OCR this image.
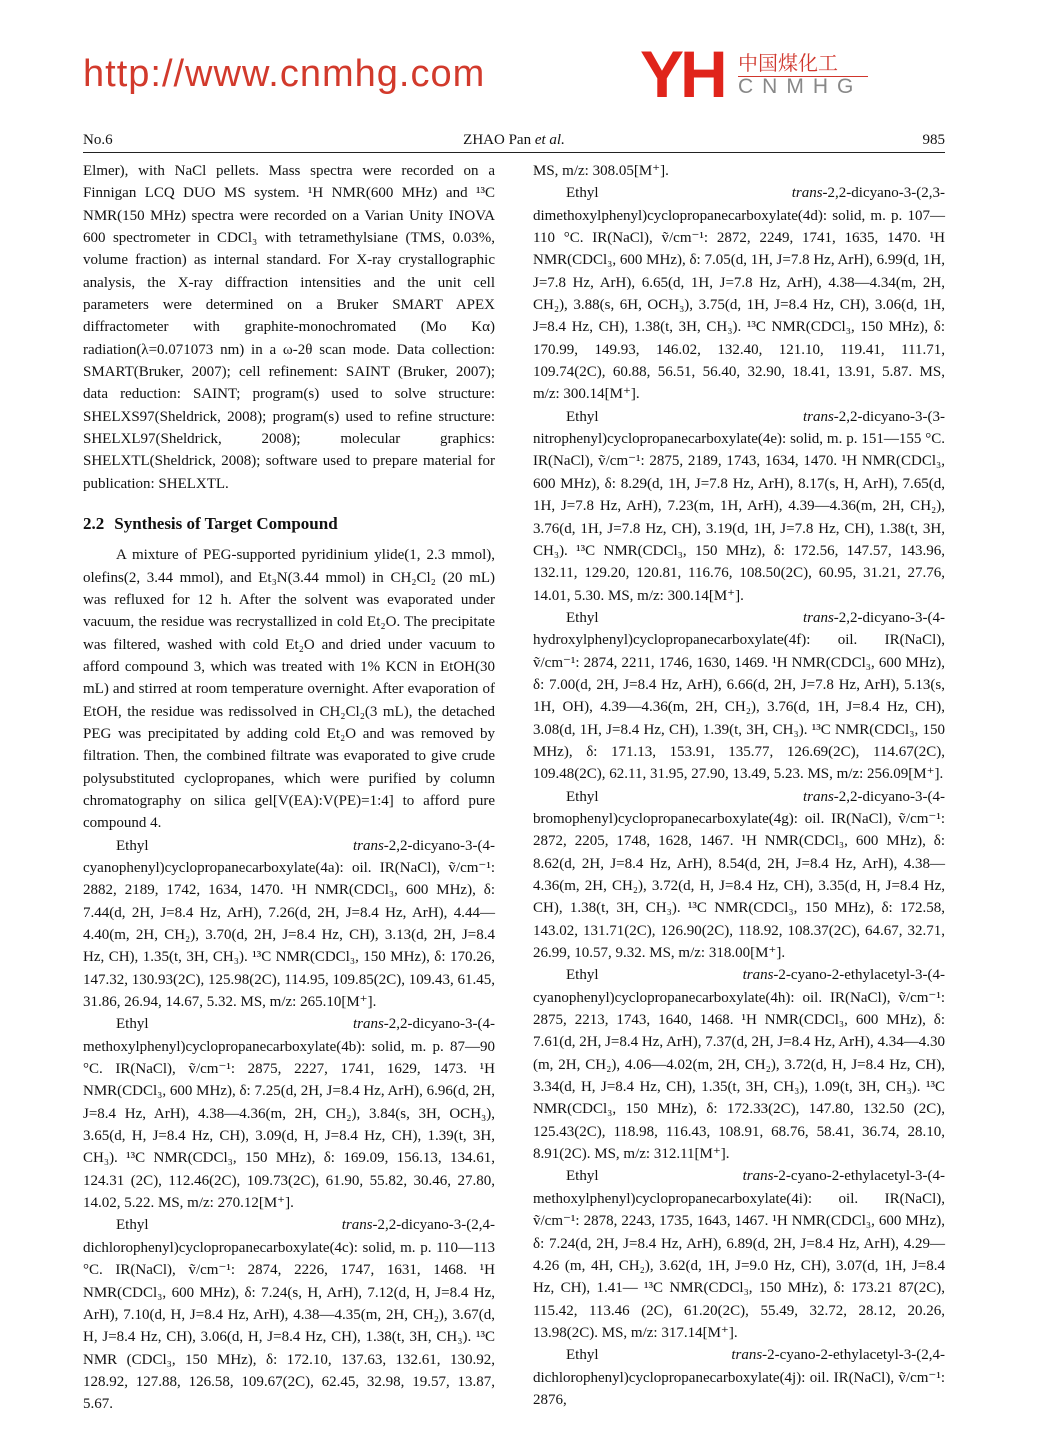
http://www.cnmhg.com YH 中国煤化工
CNMHG
No.6	ZHAO Pan et al.	985

Elmer), with NaCl pellets. Mass spectra were recorded on a Finnigan LCQ DUO MS system. ¹H NMR(600 MHz) and ¹³C NMR(150 MHz) spectra were recorded on a Varian Unity INOVA 600 spectrometer in CDCl₃ with tetramethylsiane (TMS, 0.03%, volume fraction) as internal standard. For X-ray crystallographic analysis, the X-ray diffraction intensities and the unit cell parameters were determined on a Bruker SMART APEX diffractometer with graphite-monochromated (Mo Kα) radiation(λ=0.071073 nm) in a ω-2θ scan mode. Data collection: SMART(Bruker, 2007); cell refinement: SAINT (Bruker, 2007); data reduction: SAINT; program(s) used to solve structure: SHELXS97(Sheldrick, 2008); program(s) used to refine structure: SHELXL97(Sheldrick, 2008); molecular graphics: SHELXTL(Sheldrick, 2008); software used to prepare material for publication: SHELXTL.

2.2 Synthesis of Target Compound

A mixture of PEG-supported pyridinium ylide(1, 2.3 mmol), olefins(2, 3.44 mmol), and Et₃N(3.44 mmol) in CH₂Cl₂ (20 mL) was refluxed for 12 h. After the solvent was evaporated under vacuum, the residue was recrystallized in cold Et₂O. The precipitate was filtered, washed with cold Et₂O and dried under vacuum to afford compound 3, which was treated with 1% KCN in EtOH(30 mL) and stirred at room temperature overnight. After evaporation of EtOH, the residue was redissolved in CH₂Cl₂(3 mL), the detached PEG was precipitated by adding cold Et₂O and was removed by filtration. Then, the combined filtrate was evaporated to give crude polysubstituted cyclopropanes, which were purified by column chromatography on silica gel[V(EA):V(PE)=1:4] to afford pure compound 4.

Ethyl trans-2,2-dicyano-3-(4-cyanophenyl)cyclopropanecarboxylate(4a): oil. IR(NaCl), ṽ/cm⁻¹: 2882, 2189, 1742, 1634, 1470. ¹H NMR(CDCl₃, 600 MHz), δ: 7.44(d, 2H, J=8.4 Hz, ArH), 7.26(d, 2H, J=8.4 Hz, ArH), 4.44—4.40(m, 2H, CH₂), 3.70(d, 2H, J=8.4 Hz, CH), 3.13(d, 2H, J=8.4 Hz, CH), 1.35(t, 3H, CH₃). ¹³C NMR(CDCl₃, 150 MHz), δ: 170.26, 147.32, 130.93(2C), 125.98(2C), 114.95, 109.85(2C), 109.43, 61.45, 31.86, 26.94, 14.67, 5.32. MS, m/z: 265.10[M⁺].

Ethyl trans-2,2-dicyano-3-(4-methoxylphenyl)cyclopropanecarboxylate(4b): solid, m. p. 87—90 °C. IR(NaCl), ṽ/cm⁻¹: 2875, 2227, 1741, 1629, 1473. ¹H NMR(CDCl₃, 600 MHz), δ: 7.25(d, 2H, J=8.4 Hz, ArH), 6.96(d, 2H, J=8.4 Hz, ArH), 4.38—4.36(m, 2H, CH₂), 3.84(s, 3H, OCH₃), 3.65(d, H, J=8.4 Hz, CH), 3.09(d, H, J=8.4 Hz, CH), 1.39(t, 3H, CH₃). ¹³C NMR(CDCl₃, 150 MHz), δ: 169.09, 156.13, 134.61, 124.31 (2C), 112.46(2C), 109.73(2C), 61.90, 55.82, 30.46, 27.80, 14.02, 5.22. MS, m/z: 270.12[M⁺].

Ethyl trans-2,2-dicyano-3-(2,4-dichlorophenyl)cyclopropanecarboxylate(4c): solid, m. p. 110—113 °C. IR(NaCl), ṽ/cm⁻¹: 2874, 2226, 1747, 1631, 1468. ¹H NMR(CDCl₃, 600 MHz), δ: 7.24(s, H, ArH), 7.12(d, H, J=8.4 Hz, ArH), 7.10(d, H, J=8.4 Hz, ArH), 4.38—4.35(m, 2H, CH₂), 3.67(d, H, J=8.4 Hz, CH), 3.06(d, H, J=8.4 Hz, CH), 1.38(t, 3H, CH₃). ¹³C NMR (CDCl₃, 150 MHz), δ: 172.10, 137.63, 132.61, 130.92, 128.92, 127.88, 126.58, 109.67(2C), 62.45, 32.98, 19.57, 13.87, 5.67.

MS, m/z: 308.05[M⁺].

Ethyl trans-2,2-dicyano-3-(2,3-dimethoxylphenyl)cyclopropanecarboxylate(4d): solid, m. p. 107—110 °C. IR(NaCl), ṽ/cm⁻¹: 2872, 2249, 1741, 1635, 1470. ¹H NMR(CDCl₃, 600 MHz), δ: 7.05(d, 1H, J=7.8 Hz, ArH), 6.99(d, 1H, J=7.8 Hz, ArH), 6.65(d, 1H, J=7.8 Hz, ArH), 4.38—4.34(m, 2H, CH₂), 3.88(s, 6H, OCH₃), 3.75(d, 1H, J=8.4 Hz, CH), 3.06(d, 1H, J=8.4 Hz, CH), 1.38(t, 3H, CH₃). ¹³C NMR(CDCl₃, 150 MHz), δ: 170.99, 149.93, 146.02, 132.40, 121.10, 119.41, 111.71, 109.74(2C), 60.88, 56.51, 56.40, 32.90, 18.41, 13.91, 5.87. MS, m/z: 300.14[M⁺].

Ethyl trans-2,2-dicyano-3-(3-nitrophenyl)cyclopropanecarboxylate(4e): solid, m. p. 151—155 °C. IR(NaCl), ṽ/cm⁻¹: 2875, 2189, 1743, 1634, 1470. ¹H NMR(CDCl₃, 600 MHz), δ: 8.29(d, 1H, J=7.8 Hz, ArH), 8.17(s, H, ArH), 7.65(d, 1H, J=7.8 Hz, ArH), 7.23(m, 1H, ArH), 4.39—4.36(m, 2H, CH₂), 3.76(d, 1H, J=7.8 Hz, CH), 3.19(d, 1H, J=7.8 Hz, CH), 1.38(t, 3H, CH₃). ¹³C NMR(CDCl₃, 150 MHz), δ: 172.56, 147.57, 143.96, 132.11, 129.20, 120.81, 116.76, 108.50(2C), 60.95, 31.21, 27.76, 14.01, 5.30. MS, m/z: 300.14[M⁺].

Ethyl trans-2,2-dicyano-3-(4-hydroxylphenyl)cyclopropanecarboxylate(4f): oil. IR(NaCl), ṽ/cm⁻¹: 2874, 2211, 1746, 1630, 1469. ¹H NMR(CDCl₃, 600 MHz), δ: 7.00(d, 2H, J=8.4 Hz, ArH), 6.66(d, 2H, J=7.8 Hz, ArH), 5.13(s, 1H, OH), 4.39—4.36(m, 2H, CH₂), 3.76(d, 1H, J=8.4 Hz, CH), 3.08(d, 1H, J=8.4 Hz, CH), 1.39(t, 3H, CH₃). ¹³C NMR(CDCl₃, 150 MHz), δ: 171.13, 153.91, 135.77, 126.69(2C), 114.67(2C), 109.48(2C), 62.11, 31.95, 27.90, 13.49, 5.23. MS, m/z: 256.09[M⁺].

Ethyl trans-2,2-dicyano-3-(4-bromophenyl)cyclopropanecarboxylate(4g): oil. IR(NaCl), ṽ/cm⁻¹: 2872, 2205, 1748, 1628, 1467. ¹H NMR(CDCl₃, 600 MHz), δ: 8.62(d, 2H, J=8.4 Hz, ArH), 8.54(d, 2H, J=8.4 Hz, ArH), 4.38—4.36(m, 2H, CH₂), 3.72(d, H, J=8.4 Hz, CH), 3.35(d, H, J=8.4 Hz, CH), 1.38(t, 3H, CH₃). ¹³C NMR(CDCl₃, 150 MHz), δ: 172.58, 143.02, 131.71(2C), 126.90(2C), 118.92, 108.37(2C), 64.67, 32.71, 26.99, 10.57, 9.32. MS, m/z: 318.00[M⁺].

Ethyl trans-2-cyano-2-ethylacetyl-3-(4-cyanophenyl)cyclopropanecarboxylate(4h): oil. IR(NaCl), ṽ/cm⁻¹: 2875, 2213, 1743, 1640, 1468. ¹H NMR(CDCl₃, 600 MHz), δ: 7.61(d, 2H, J=8.4 Hz, ArH), 7.37(d, 2H, J=8.4 Hz, ArH), 4.34—4.30 (m, 2H, CH₂), 4.06—4.02(m, 2H, CH₂), 3.72(d, H, J=8.4 Hz, CH), 3.34(d, H, J=8.4 Hz, CH), 1.35(t, 3H, CH₃), 1.09(t, 3H, CH₃). ¹³C NMR(CDCl₃, 150 MHz), δ: 172.33(2C), 147.80, 132.50 (2C), 125.43(2C), 118.98, 116.43, 108.91, 68.76, 58.41, 36.74, 28.10, 8.91(2C). MS, m/z: 312.11[M⁺].

Ethyl trans-2-cyano-2-ethylacetyl-3-(4-methoxylphenyl)cyclopropanecarboxylate(4i): oil. IR(NaCl), ṽ/cm⁻¹: 2878, 2243, 1735, 1643, 1467. ¹H NMR(CDCl₃, 600 MHz), δ: 7.24(d, 2H, J=8.4 Hz, ArH), 6.89(d, 2H, J=8.4 Hz, ArH), 4.29—4.26 (m, 4H, CH₂), 3.62(d, 1H, J=9.0 Hz, CH), 3.07(d, 1H, J=8.4 Hz, CH), 1.41— ¹³C NMR(CDCl₃, 150 MHz), δ: 173.21 87(2C), 115.42, 113.46 (2C), 61.20(2C), 55.49, 32.72, 28.12, 20.26, 13.98(2C). MS, m/z: 317.14[M⁺].

Ethyl trans-2-cyano-2-ethylacetyl-3-(2,4-dichlorophenyl)cyclopropanecarboxylate(4j): oil. IR(NaCl), ṽ/cm⁻¹: 2876,
